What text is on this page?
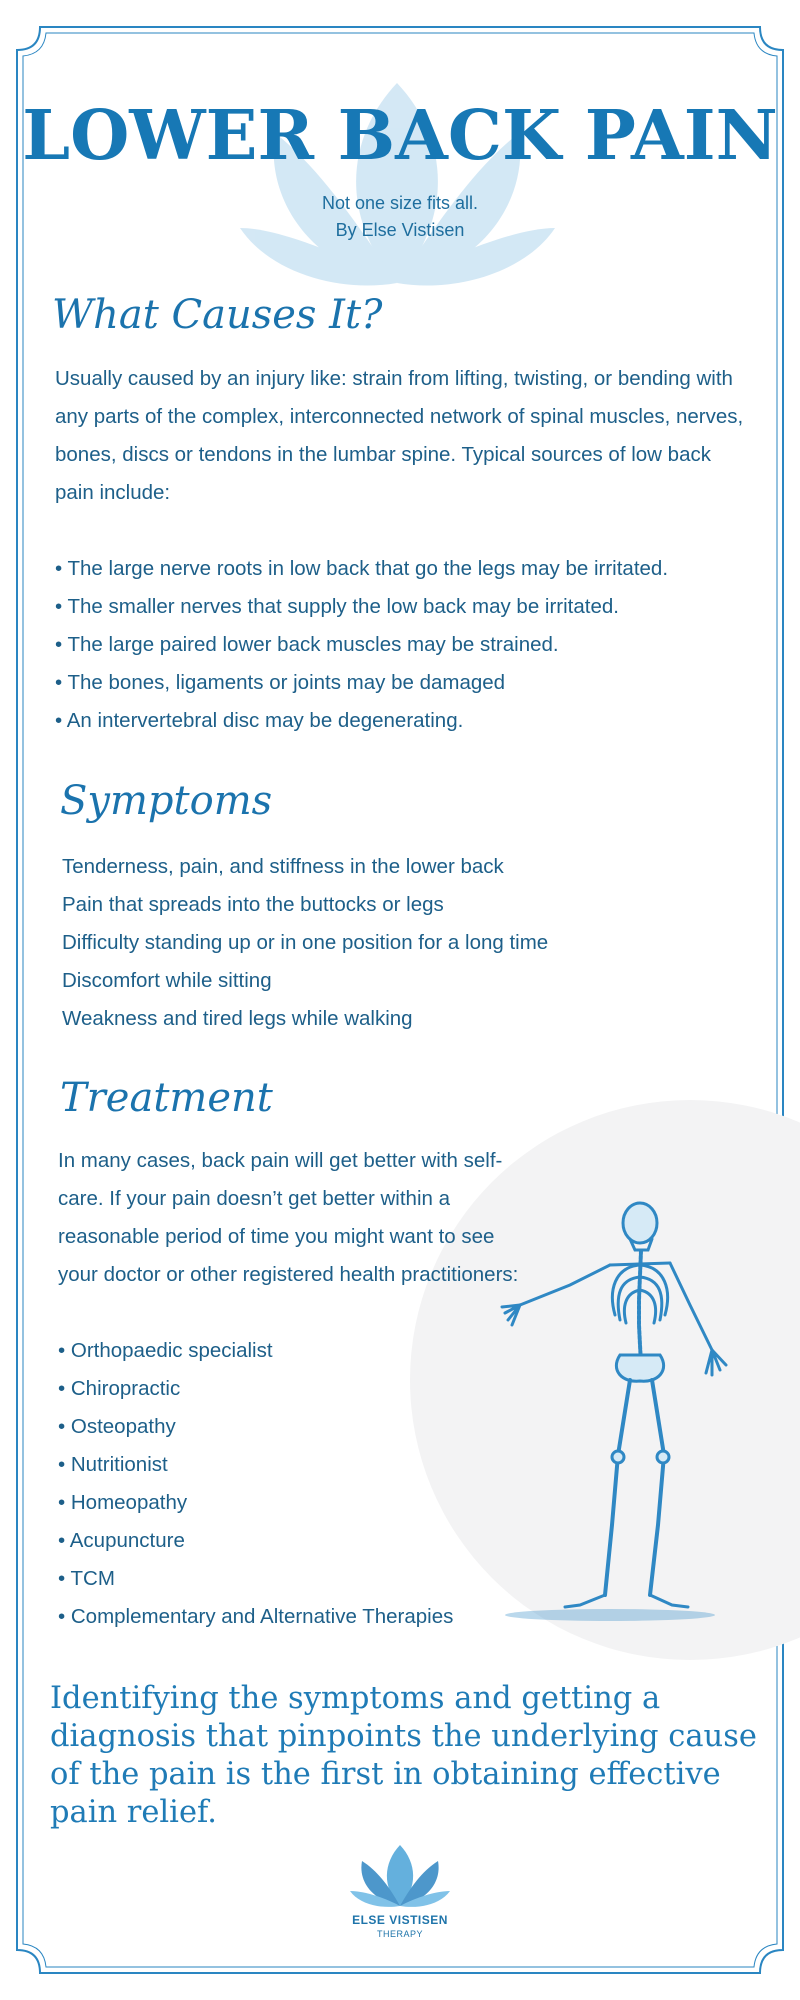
LOWER BACK PAIN
Not one size fits all.
By Else Vistisen
What Causes It?

Usually caused by an injury like: strain from lifting, twisting, or bending with any parts of the complex, interconnected network of spinal muscles, nerves, bones, discs or tendons in the lumbar spine. Typical sources of low back pain include:

• The large nerve roots in low back that go the legs may be irritated.
• The smaller nerves that supply the low back may be irritated.
• The large paired lower back muscles may be strained.
• The bones, ligaments or joints may be damaged
• An intervertebral disc may be degenerating.
Symptoms
Tenderness, pain, and stiffness in the lower back
Pain that spreads into the buttocks or legs
Difficulty standing up or in one position for a long time
Discomfort while sitting
Weakness and tired legs while walking
Treatment

In many cases, back pain will get better with self-care. If your pain doesn’t get better within a reasonable period of time you might want to see your doctor or other registered health practitioners:

• Orthopaedic specialist
• Chiropractic
• Osteopathy
• Nutritionist
• Homeopathy
• Acupuncture
• TCM
• Complementary and Alternative Therapies

Identifying the symptoms and getting a diagnosis that pinpoints the underlying cause of the pain is the first in obtaining effective pain relief.

ELSE VISTISEN
THERAPY
